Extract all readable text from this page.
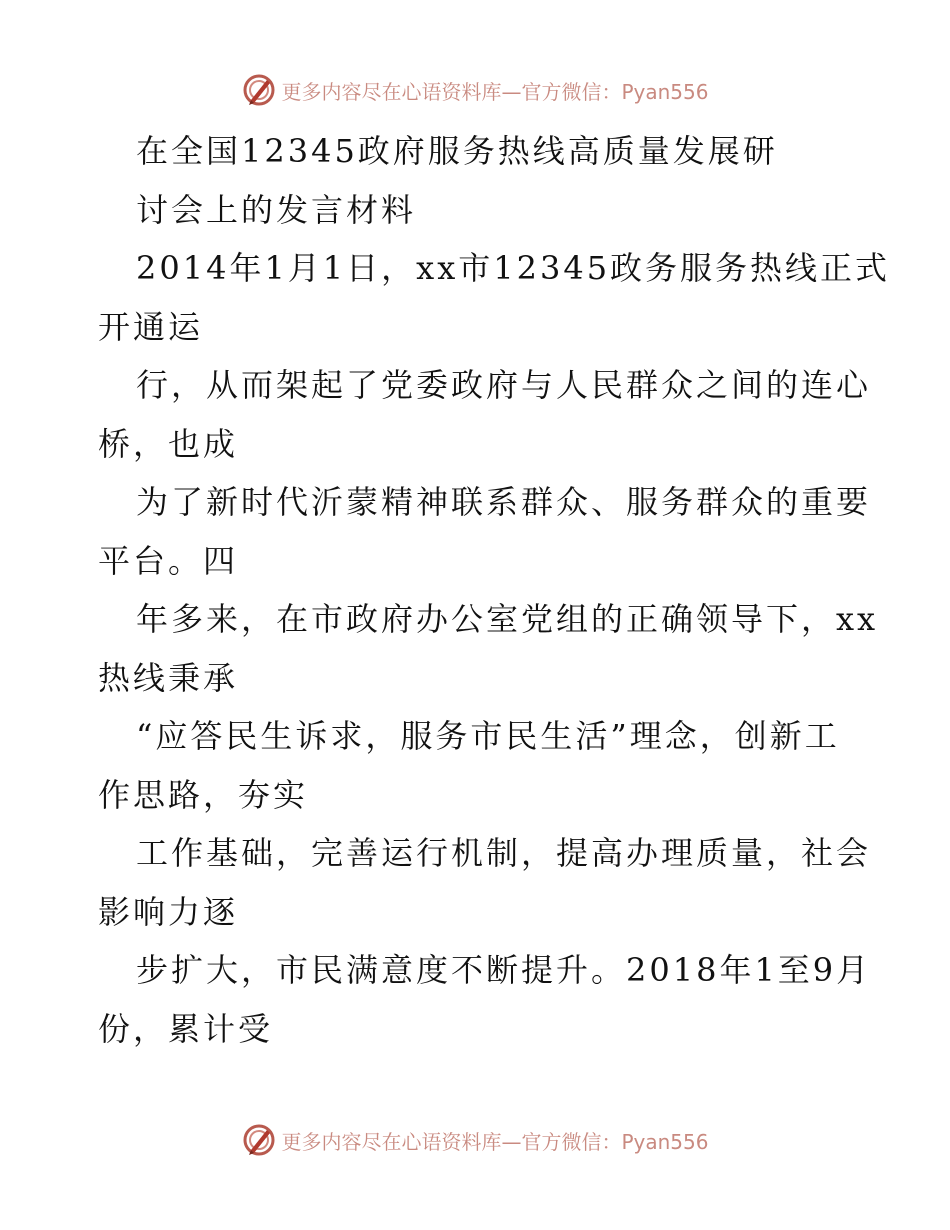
更多内容尽在心语资料库—官方微信：Pyan556
在全国12345政府服务热线高质量发展研
讨会上的发言材料
2014年1月1日，xx市12345政务服务热线正式
开通运
行，从而架起了党委政府与人民群众之间的连心
桥，也成
为了新时代沂蒙精神联系群众、服务群众的重要
平台。四
年多来，在市政府办公室党组的正确领导下，xx
热线秉承
“应答民生诉求，服务市民生活”理念，创新工
作思路，夯实
工作基础，完善运行机制，提高办理质量，社会
影响力逐
步扩大，市民满意度不断提升。2018年1至9月
份，累计受
更多内容尽在心语资料库—官方微信：Pyan556
